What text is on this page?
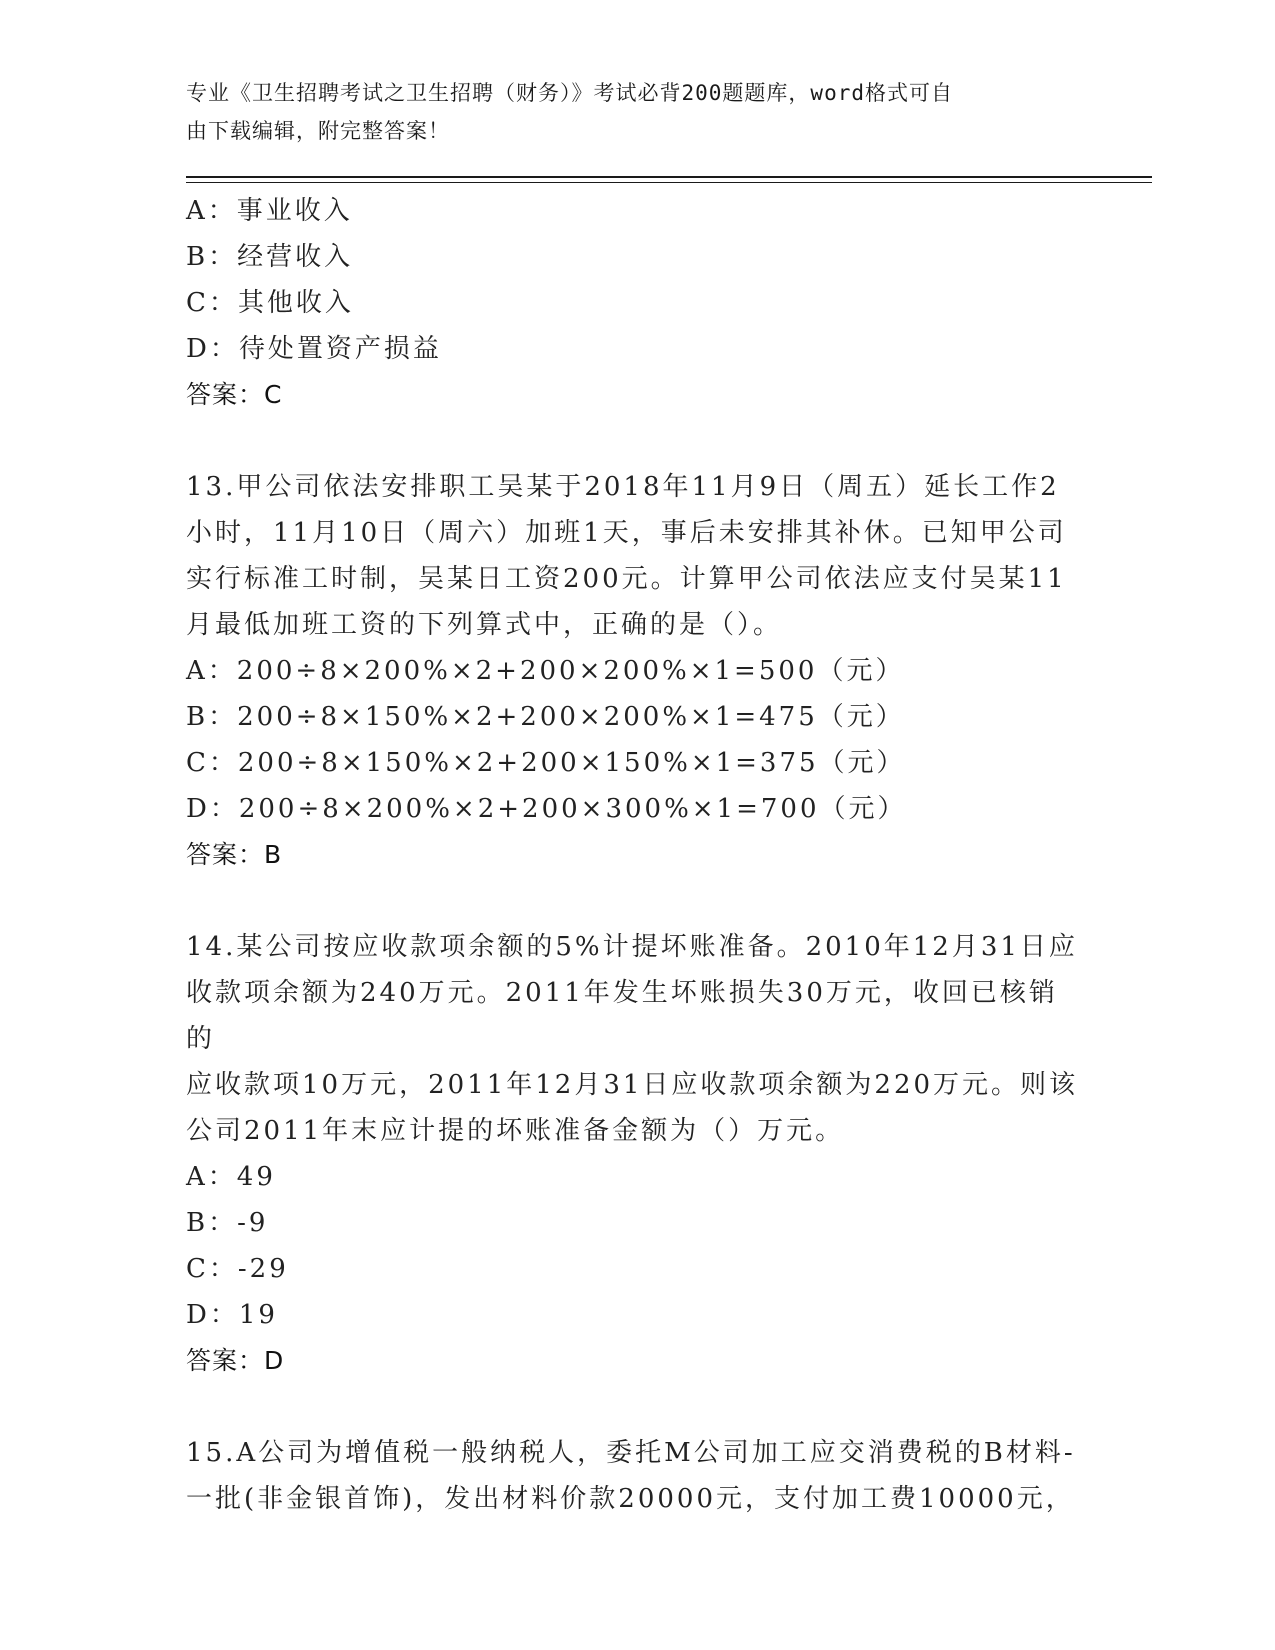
专业《卫生招聘考试之卫生招聘（财务）》考试必背200题题库，word格式可自
由下载编辑，附完整答案！
A：事业收入
B：经营收入
C：其他收入
D：待处置资产损益
答案：C
13.甲公司依法安排职工吴某于2018年11月9日（周五）延长工作2
小时，11月10日（周六）加班1天，事后未安排其补休。已知甲公司
实行标准工时制，吴某日工资200元。计算甲公司依法应支付吴某11
月最低加班工资的下列算式中，正确的是（）。
A：200÷8×200%×2+200×200%×1=500（元）
B：200÷8×150%×2+200×200%×1=475（元）
C：200÷8×150%×2+200×150%×1=375（元）
D：200÷8×200%×2+200×300%×1=700（元）
答案：B
14.某公司按应收款项余额的5%计提坏账准备。2010年12月31日应
收款项余额为240万元。2011年发生坏账损失30万元，收回已核销的
应收款项10万元，2011年12月31日应收款项余额为220万元。则该
公司2011年末应计提的坏账准备金额为（）万元。
A：49
B：-9
C：-29
D：19
答案：D
15.A公司为增值税一般纳税人，委托M公司加工应交消费税的B材料-
一批(非金银首饰)，发出材料价款20000元，支付加工费10000元，
